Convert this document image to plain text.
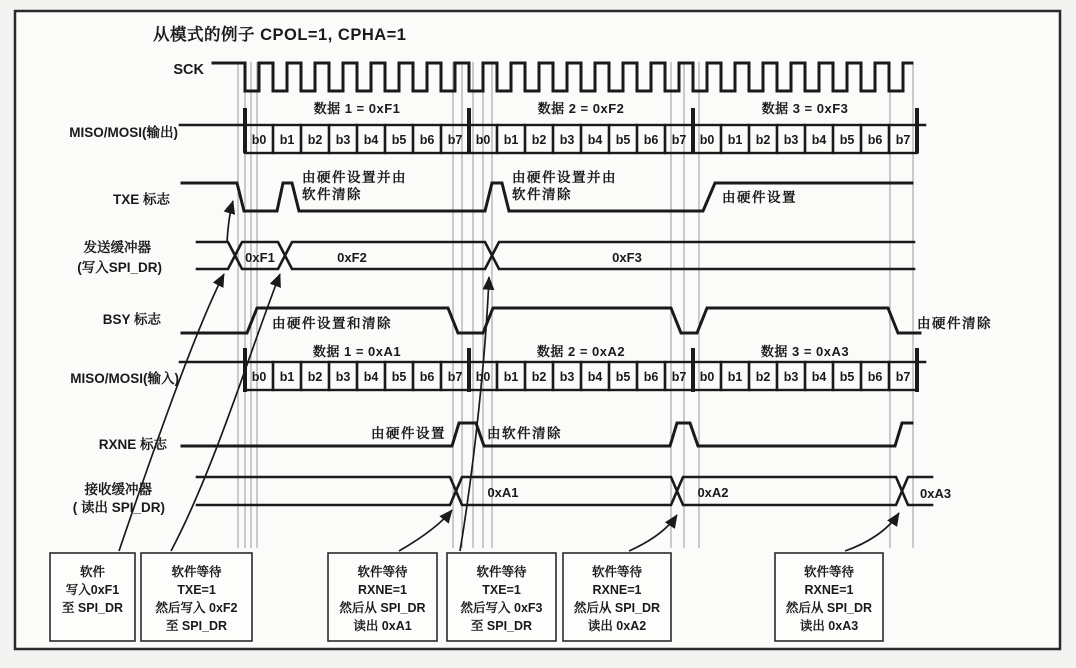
从模式的例子 CPOL=1, CPHA=1
SCK
MISO/MOSI(输出)
TXE 标志
发送缓冲器
(写入SPI_DR)
BSY 标志
MISO/MOSI(输入)
RXNE 标志
接收缓冲器
( 读出 SPI_DR)
b0 b1 b2 b3 b4 b5 b6 b7
数据 1 = 0xF1
b0 b1 b2 b3 b4 b5 b6 b7
数据 2 = 0xF2
b0 b1 b2 b3 b4 b5 b6 b7
数据 3 = 0xF3
由硬件设置并由
软件清除
由硬件设置并由
软件清除	由硬件设置
0xF1	0xF2	0xF3
由硬件设置和清除	由硬件清除
b0 b1 b2 b3 b4 b5 b6 b7
数据 1 = 0xA1
b0 b1 b2 b3 b4 b5 b6 b7
数据 2 = 0xA2
b0 b1 b2 b3 b4 b5 b6 b7
数据 3 = 0xA3
由硬件设置	由软件清除
0xA1	0xA2	0xA3
软件
写入0xF1
至 SPI_DR
软件等待
TXE=1
然后写入 0xF2
至 SPI_DR
软件等待
RXNE=1
然后从 SPI_DR
读出 0xA1
软件等待
TXE=1
然后写入 0xF3
至 SPI_DR
软件等待
RXNE=1
然后从 SPI_DR
读出 0xA2
软件等待
RXNE=1
然后从 SPI_DR
读出 0xA3
